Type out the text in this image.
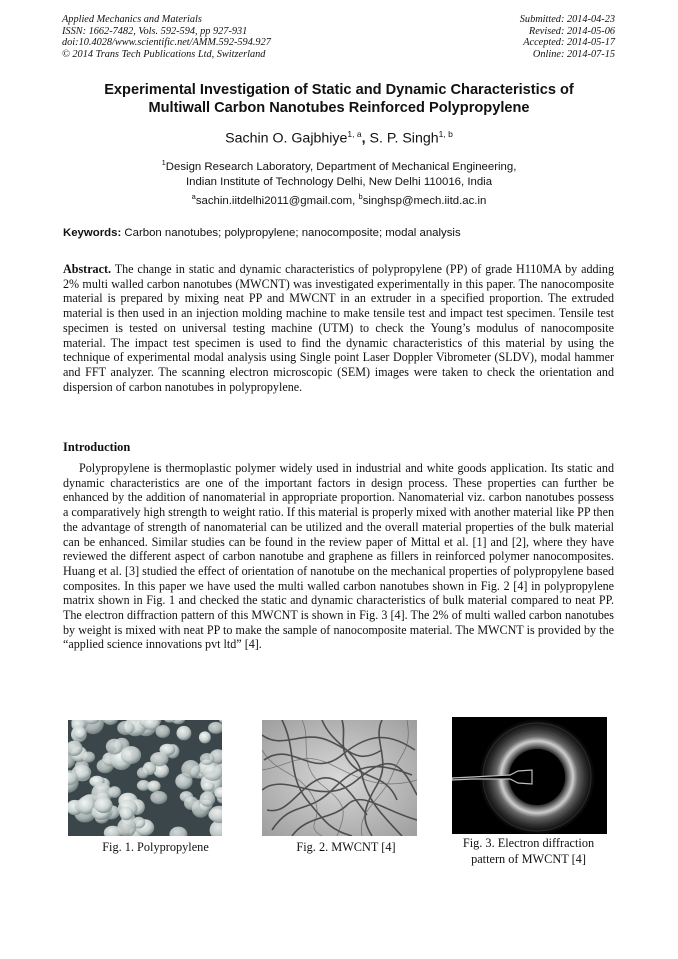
Applied Mechanics and Materials
ISSN: 1662-7482, Vols. 592-594, pp 927-931
doi:10.4028/www.scientific.net/AMM.592-594.927
© 2014 Trans Tech Publications Ltd, Switzerland
Submitted: 2014-04-23
Revised: 2014-05-06
Accepted: 2014-05-17
Online: 2014-07-15
Experimental Investigation of Static and Dynamic Characteristics of
Multiwall Carbon Nanotubes Reinforced Polypropylene
Sachin O. Gajbhiye$^{1, a}$, S. P. Singh$^{1, b}$
$^1$Design Research Laboratory, Department of Mechanical Engineering,
Indian Institute of Technology Delhi, New Delhi 110016, India
$^a$sachin.iitdelhi2011@gmail.com, $^b$singhsp@mech.iitd.ac.in
Keywords: Carbon nanotubes; polypropylene; nanocomposite; modal analysis

Abstract. The change in static and dynamic characteristics of polypropylene (PP) of grade H110MA by adding 2% multi walled carbon nanotubes (MWCNT) was investigated experimentally in this paper. The nanocomposite material is prepared by mixing neat PP and MWCNT in an extruder in a specified proportion. The extruded material is then used in an injection molding machine to make tensile test and impact test specimen. Tensile test specimen is tested on universal testing machine (UTM) to check the Young’s modulus of nanocomposite material. The impact test specimen is used to find the dynamic characteristics of this material by using the technique of experimental modal analysis using Single point Laser Doppler Vibrometer (SLDV), modal hammer and FFT analyzer. The scanning electron microscopic (SEM) images were taken to check the orientation and dispersion of carbon nanotubes in polypropylene.

Introduction

Polypropylene is thermoplastic polymer widely used in industrial and white goods application. Its static and dynamic characteristics are one of the important factors in design process. These properties can further be enhanced by the addition of nanomaterial in appropriate proportion. Nanomaterial viz. carbon nanotubes possess a comparatively high strength to weight ratio. If this material is properly mixed with another material like PP then the advantage of strength of nanomaterial can be utilized and the overall material properties of the bulk material can be enhanced. Similar studies can be found in the review paper of Mittal et al. [1] and [2], where they have reviewed the different aspect of carbon nanotube and graphene as fillers in reinforced polymer nanocomposites. Huang et al. [3] studied the effect of orientation of nanotube on the mechanical properties of polypropylene based composites. In this paper we have used the multi walled carbon nanotubes shown in Fig. 2 [4] in polypropylene matrix shown in Fig. 1 and checked the static and dynamic characteristics of bulk material compared to neat PP. The electron diffraction pattern of this MWCNT is shown in Fig. 3 [4]. The 2% of multi walled carbon nanotubes by weight is mixed with neat PP to make the sample of nanocomposite material. The MWCNT is provided by the “applied science innovations pvt ltd” [4].

Fig. 1. Polypropylene	Fig. 2. MWCNT [4]	Fig. 3. Electron diffraction
pattern of MWCNT [4]
